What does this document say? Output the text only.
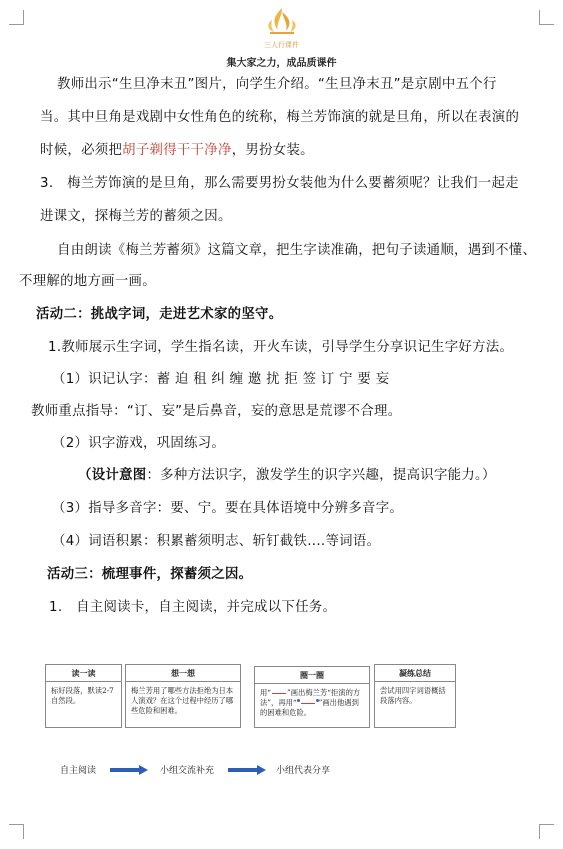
三人行课件
集大家之力，成品质课件
教师出示“生旦净末丑”图片，向学生介绍。“生旦净末丑”是京剧中五个行
当。其中旦角是戏剧中女性角色的统称，梅兰芳饰演的就是旦角，所以在表演的
时候，必须把胡子剃得干干净净，男扮女装。
3.　梅兰芳饰演的是旦角，那么需要男扮女装他为什么要蓄须呢？让我们一起走
进课文，探梅兰芳的蓄须之因。
自由朗读《梅兰芳蓄须》这篇文章，把生字读准确，把句子读通顺，遇到不懂、
不理解的地方画一画。
活动二：挑战字词，走进艺术家的坚守。
1.教师展示生字词，学生指名读，开火车读，引导学生分享识记生字好方法。
（1）识记认字：蓄 迫 租 纠 缠 邀 扰 拒 签 订 宁 要 妄
教师重点指导：“订、妄”是后鼻音，妄的意思是荒谬不合理。
（2）识字游戏，巩固练习。
（设计意图：多种方法识字，激发学生的识字兴趣，提高识字能力。）
（3）指导多音字：要、宁。要在具体语境中分辨多音字。
（4）词语积累：积累蓄须明志、斩钉截铁....等词语。
活动三：梳理事件，探蓄须之因。
1.　自主阅读卡，自主阅读，并完成以下任务。
读一读
标好段落，默读2-7自然段。
想一想
梅兰芳用了哪些方法拒绝为日本人演戏？在这个过程中经历了哪些危险和困难。
圈一圈
用“ ”画出梅兰芳“拒演的方法”，再用“	”画出他遇到的困难和危险。
凝练总结
尝试用四字词语概括段落内容。
自主阅读	小组交流补充	小组代表分享
